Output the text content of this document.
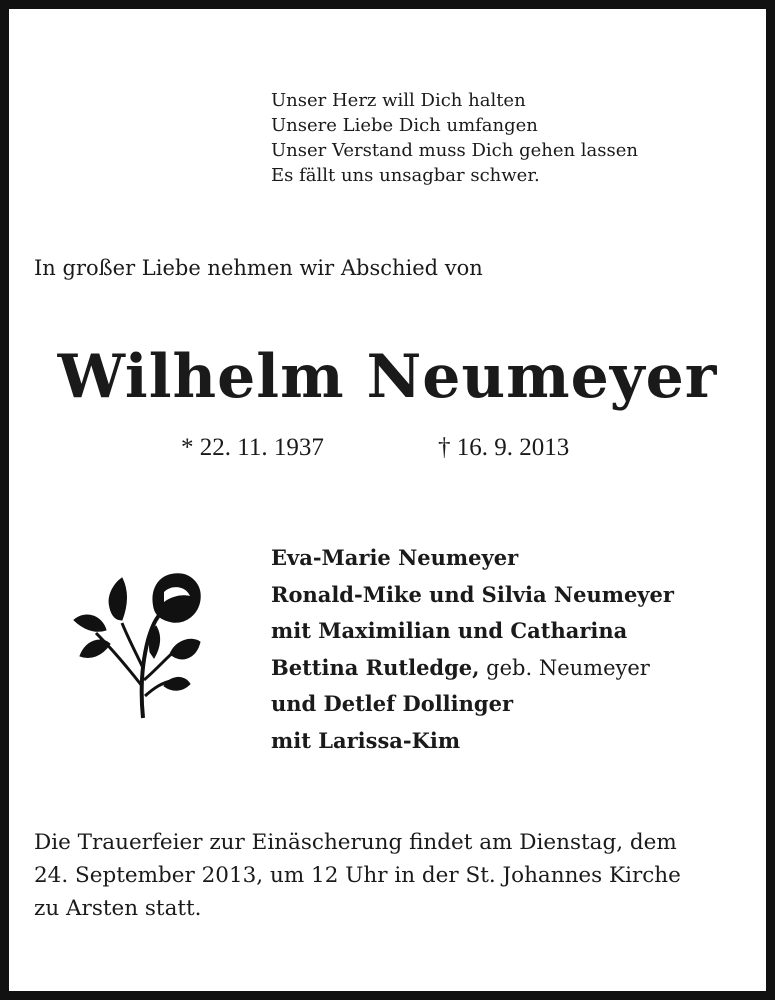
Unser Herz will Dich halten
Unsere Liebe Dich umfangen
Unser Verstand muss Dich gehen lassen
Es fällt uns unsagbar schwer.
In großer Liebe nehmen wir Abschied von
Wilhelm Neumeyer
* 22. 11. 1937	† 16. 9. 2013
Eva-Marie Neumeyer
Ronald-Mike und Silvia Neumeyer
mit Maximilian und Catharina
Bettina Rutledge, geb. Neumeyer
und Detlef Dollinger
mit Larissa-Kim
Die Trauerfeier zur Einäscherung findet am Dienstag, dem
24. September 2013, um 12 Uhr in der St. Johannes Kirche
zu Arsten statt.
